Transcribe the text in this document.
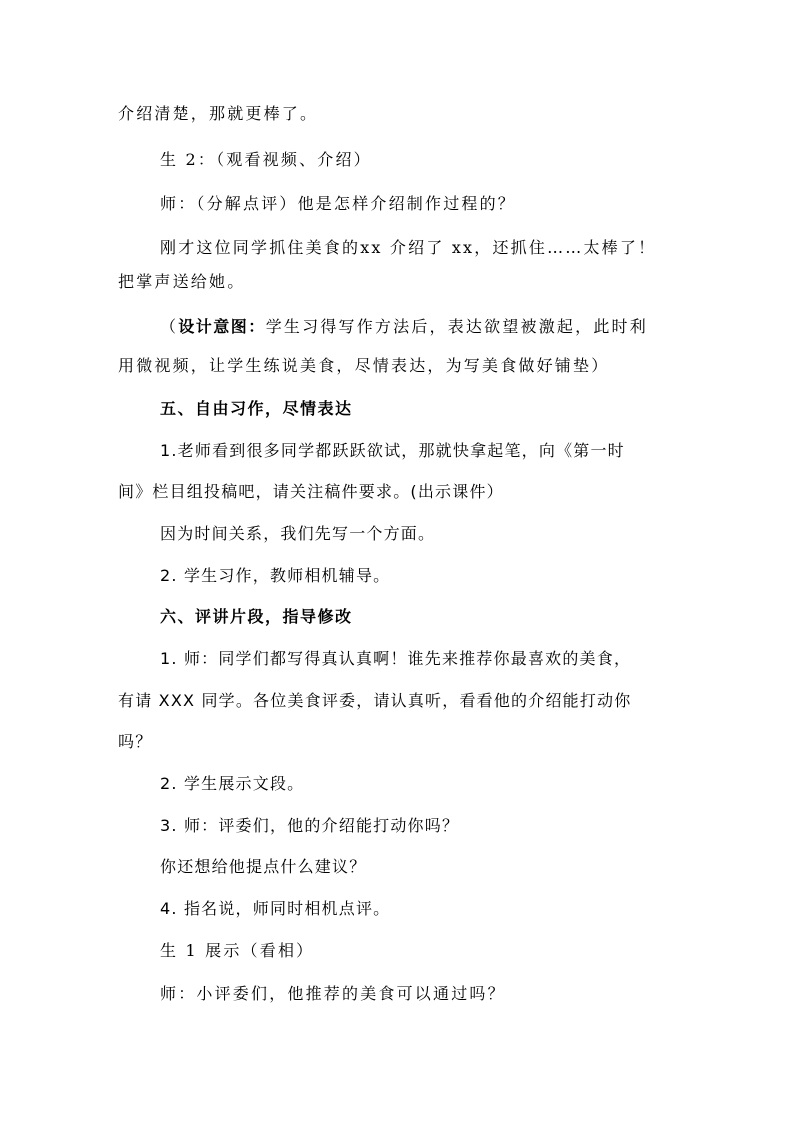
介绍清楚，那就更棒了。
生 2：（观看视频、介绍）
师：（分解点评）他是怎样介绍制作过程的？
刚才这位同学抓住美食的xx 介绍了 xx，还抓住……太棒了！
把掌声送给她。
（设计意图：学生习得写作方法后，表达欲望被激起，此时利
用微视频，让学生练说美食，尽情表达，为写美食做好铺垫）
五、自由习作，尽情表达
1.老师看到很多同学都跃跃欲试，那就快拿起笔，向《第一时
间》栏目组投稿吧，请关注稿件要求。(出示课件）
因为时间关系，我们先写一个方面。
2. 学生习作，教师相机辅导。
六、评讲片段，指导修改
1. 师：同学们都写得真认真啊！谁先来推荐你最喜欢的美食，
有请 XXX 同学。各位美食评委，请认真听，看看他的介绍能打动你
吗？
2. 学生展示文段。
3. 师：评委们，他的介绍能打动你吗？
你还想给他提点什么建议？
4. 指名说，师同时相机点评。
生 1 展示（看相）
师：小评委们，他推荐的美食可以通过吗？
